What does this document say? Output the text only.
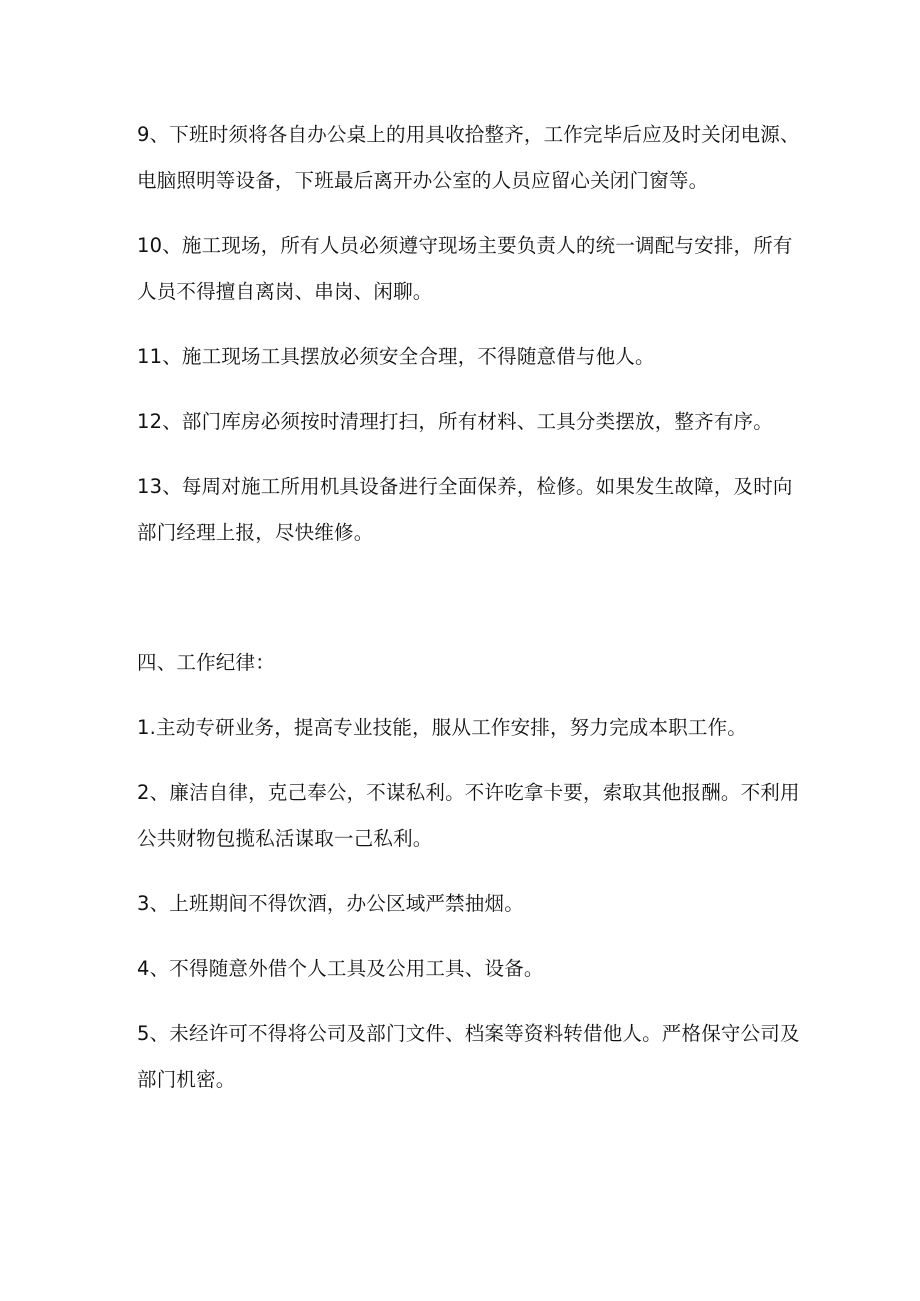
9、下班时须将各自办公桌上的用具收拾整齐，工作完毕后应及时关闭电源、电脑照明等设备，下班最后离开办公室的人员应留心关闭门窗等。

10、施工现场，所有人员必须遵守现场主要负责人的统一调配与安排，所有人员不得擅自离岗、串岗、闲聊。

11、施工现场工具摆放必须安全合理，不得随意借与他人。

12、部门库房必须按时清理打扫，所有材料、工具分类摆放，整齐有序。

13、每周对施工所用机具设备进行全面保养，检修。如果发生故障，及时向部门经理上报，尽快维修。

四、工作纪律：

1.主动专研业务，提高专业技能，服从工作安排，努力完成本职工作。

2、廉洁自律，克己奉公，不谋私利。不许吃拿卡要，索取其他报酬。不利用公共财物包揽私活谋取一己私利。

3、上班期间不得饮酒，办公区域严禁抽烟。

4、不得随意外借个人工具及公用工具、设备。

5、未经许可不得将公司及部门文件、档案等资料转借他人。严格保守公司及部门机密。
